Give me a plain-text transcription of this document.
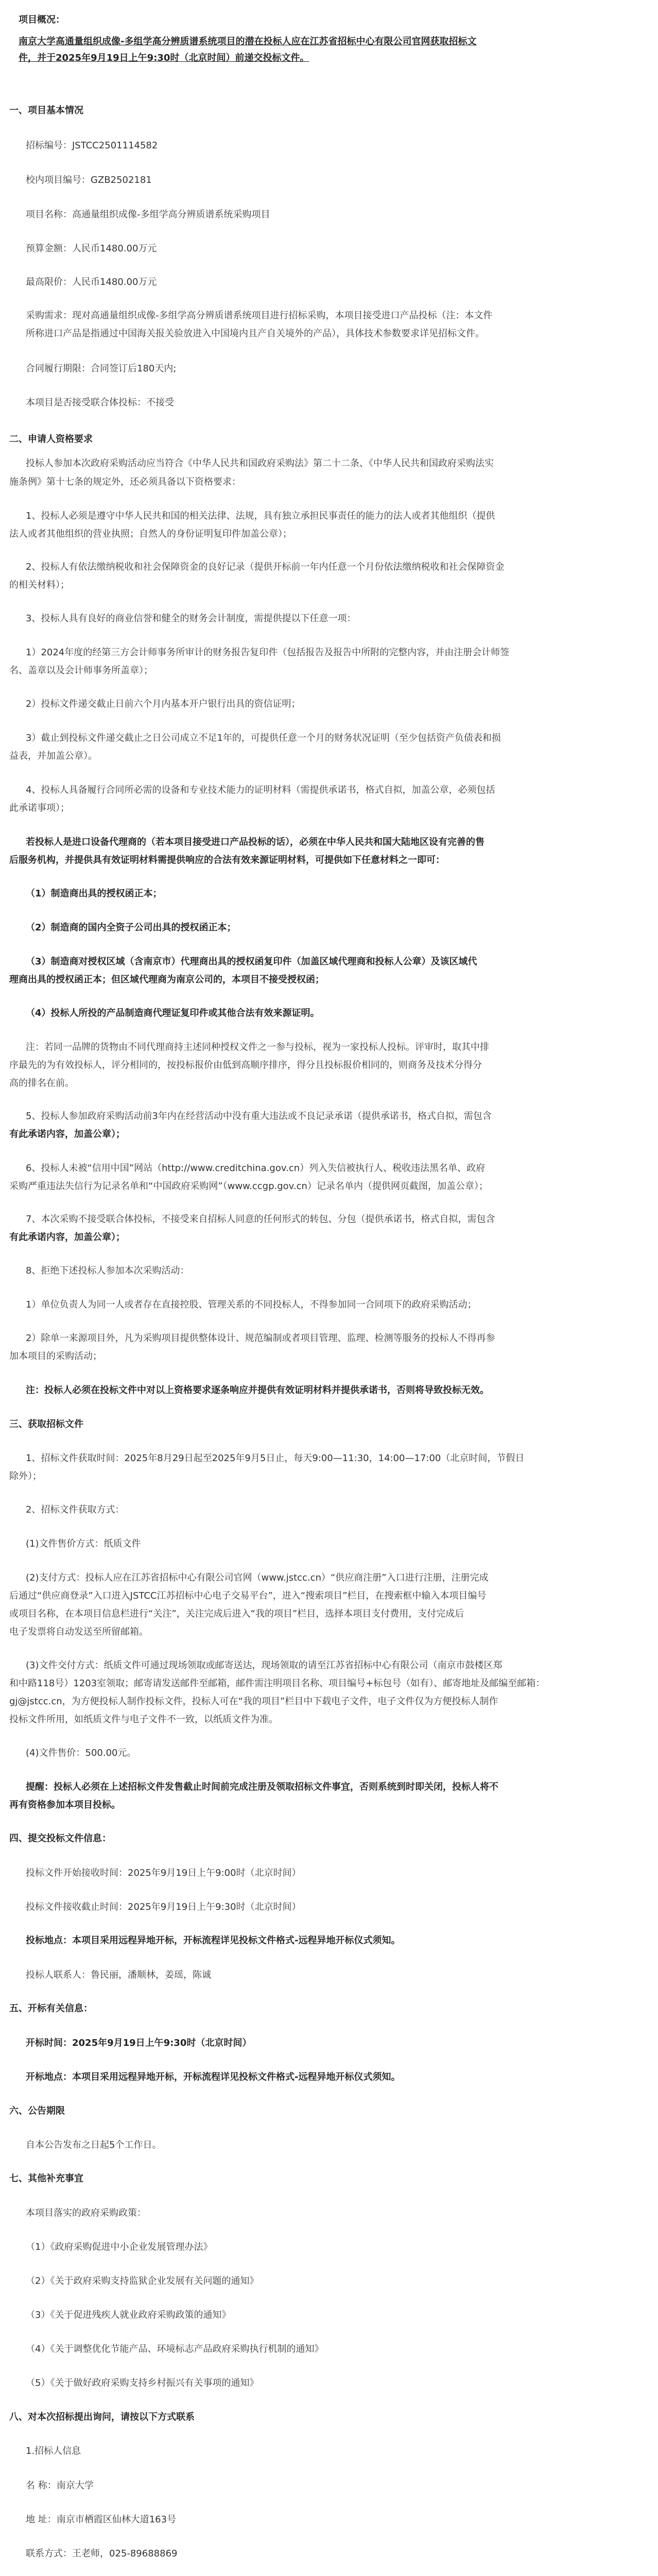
项目概况：
南京大学高通量组织成像-多组学高分辨质谱系统项目的潜在投标人应在江苏省招标中心有限公司官网获取招标文
件，并于2025年9月19日上午9:30时（北京时间）前递交投标文件。
一、项目基本情况
招标编号：JSTCC2501114582
校内项目编号：GZB2502181
项目名称：高通量组织成像-多组学高分辨质谱系统采购项目
预算金额：人民币1480.00万元
最高限价：人民币1480.00万元
采购需求：现对高通量组织成像-多组学高分辨质谱系统项目进行招标采购，本项目接受进口产品投标（注：本文件
所称进口产品是指通过中国海关报关验放进入中国境内且产自关境外的产品），具体技术参数要求详见招标文件。
合同履行期限：合同签订后180天内;
本项目是否接受联合体投标：不接受
二、申请人资格要求
投标人参加本次政府采购活动应当符合《中华人民共和国政府采购法》第二十二条、《中华人民共和国政府采购法实
施条例》第十七条的规定外，还必须具备以下资格要求：
1、投标人必须是遵守中华人民共和国的相关法律、法规，具有独立承担民事责任的能力的法人或者其他组织（提供
法人或者其他组织的营业执照；自然人的身份证明复印件加盖公章）；
2、投标人有依法缴纳税收和社会保障资金的良好记录（提供开标前一年内任意一个月份依法缴纳税收和社会保障资金
的相关材料）；
3、投标人具有良好的商业信誉和健全的财务会计制度，需提供提以下任意一项：
1）2024年度的经第三方会计师事务所审计的财务报告复印件（包括报告及报告中所附的完整内容，并由注册会计师签
名、盖章以及会计师事务所盖章）；
2）投标文件递交截止日前六个月内基本开户银行出具的资信证明；
3）截止到投标文件递交截止之日公司成立不足1年的，可提供任意一个月的财务状况证明（至少包括资产负债表和损
益表，并加盖公章）。
4、投标人具备履行合同所必需的设备和专业技术能力的证明材料（需提供承诺书，格式自拟，加盖公章，必须包括
此承诺事项）；
若投标人是进口设备代理商的（若本项目接受进口产品投标的话），必须在中华人民共和国大陆地区设有完善的售
后服务机构，并提供具有效证明材料需提供响应的合法有效来源证明材料，可提供如下任意材料之一即可：
（1）制造商出具的授权函正本；
（2）制造商的国内全资子公司出具的授权函正本；
（3）制造商对授权区域（含南京市）代理商出具的授权函复印件（加盖区域代理商和投标人公章）及该区域代
理商出具的授权函正本；但区域代理商为南京公司的，本项目不接受授权函；
（4）投标人所投的产品制造商代理证复印件或其他合法有效来源证明。
注：若同一品牌的货物由不同代理商持主述同种授权文件之一参与投标，视为一家投标人投标。评审时，取其中排
序最先的为有效投标人，评分相同的，按投标报价由低到高顺序排序，得分且投标报价相同的，则商务及技术分得分
高的排名在前。
5、投标人参加政府采购活动前3年内在经营活动中没有重大违法或不良记录承诺（提供承诺书，格式自拟，需包含
有此承诺内容，加盖公章）；
6、投标人未被“信用中国”网站（http://www.creditchina.gov.cn）列入失信被执行人、税收违法黑名单、政府
采购严重违法失信行为记录名单和“中国政府采购网”（www.ccgp.gov.cn）记录名单内（提供网页截图，加盖公章）；
7、本次采购不接受联合体投标，不接受来自招标人同意的任何形式的转包、分包（提供承诺书，格式自拟，需包含
有此承诺内容，加盖公章）；
8、拒绝下述投标人参加本次采购活动：
1）单位负责人为同一人或者存在直接控股、管理关系的不同投标人，不得参加同一合同项下的政府采购活动；
2）除单一来源项目外，凡为采购项目提供整体设计、规范编制或者项目管理、监理、检测等服务的投标人不得再参
加本项目的采购活动；
注：投标人必须在投标文件中对以上资格要求逐条响应并提供有效证明材料并提供承诺书，否则将导致投标无效。
三、获取招标文件
1、招标文件获取时间：2025年8月29日起至2025年9月5日止，每天9:00—11:30，14:00—17:00（北京时间，节假日
除外）；
2、招标文件获取方式：
(1)文件售价方式：纸质文件
(2)支付方式：投标人应在江苏省招标中心有限公司官网（www.jstcc.cn）“供应商注册”入口进行注册，注册完成
后通过“供应商登录”入口进入JSTCC江苏招标中心电子交易平台”，进入“搜索项目”栏目，在搜索框中输入本项目编号
或项目名称，在本项目信息栏进行“关注”，关注完成后进入“我的项目”栏目，选择本项目支付费用，支付完成后
电子发票将自动发送至所留邮箱。
(3)文件交付方式：纸质文件可通过现场领取或邮寄送达，现场领取的请至江苏省招标中心有限公司（南京市鼓楼区郑
和中路118号）1203室领取；邮寄请发送邮件至邮箱，邮件需注明项目名称、项目编号+标包号（如有）、邮寄地址及邮编至邮箱：
gj@jstcc.cn，为方便投标人制作投标文件，投标人可在“我的项目”栏目中下载电子文件，电子文件仅为方便投标人制作
投标文件所用，如纸质文件与电子文件不一致，以纸质文件为准。
(4)文件售价：500.00元。
提醒：投标人必须在上述招标文件发售截止时间前完成注册及领取招标文件事宜，否则系统到时即关闭，投标人将不
再有资格参加本项目投标。
四、提交投标文件信息：
投标文件开始接收时间：2025年9月19日上午9:00时（北京时间）
投标文件接收截止时间：2025年9月19日上午9:30时（北京时间）
投标地点：本项目采用远程异地开标，开标流程详见投标文件格式-远程异地开标仪式须知。
投标人联系人：鲁民丽，潘顺林，姜瑶，陈诚
五、开标有关信息：
开标时间：2025年9月19日上午9:30时（北京时间）
开标地点：本项目采用远程异地开标，开标流程详见投标文件格式-远程异地开标仪式须知。
六、公告期限
自本公告发布之日起5个工作日。
七、其他补充事宜
本项目落实的政府采购政策：
（1）《政府采购促进中小企业发展管理办法》
（2）《关于政府采购支持监狱企业发展有关问题的通知》
（3）《关于促进残疾人就业政府采购政策的通知》
（4）《关于调整优化节能产品、环境标志产品政府采购执行机制的通知》
（5）《关于做好政府采购支持乡村振兴有关事项的通知》
八、对本次招标提出询问，请按以下方式联系
1.招标人信息
名 称：南京大学
地 址：南京市栖霞区仙林大道163号
联系方式：王老师，025-89688869
